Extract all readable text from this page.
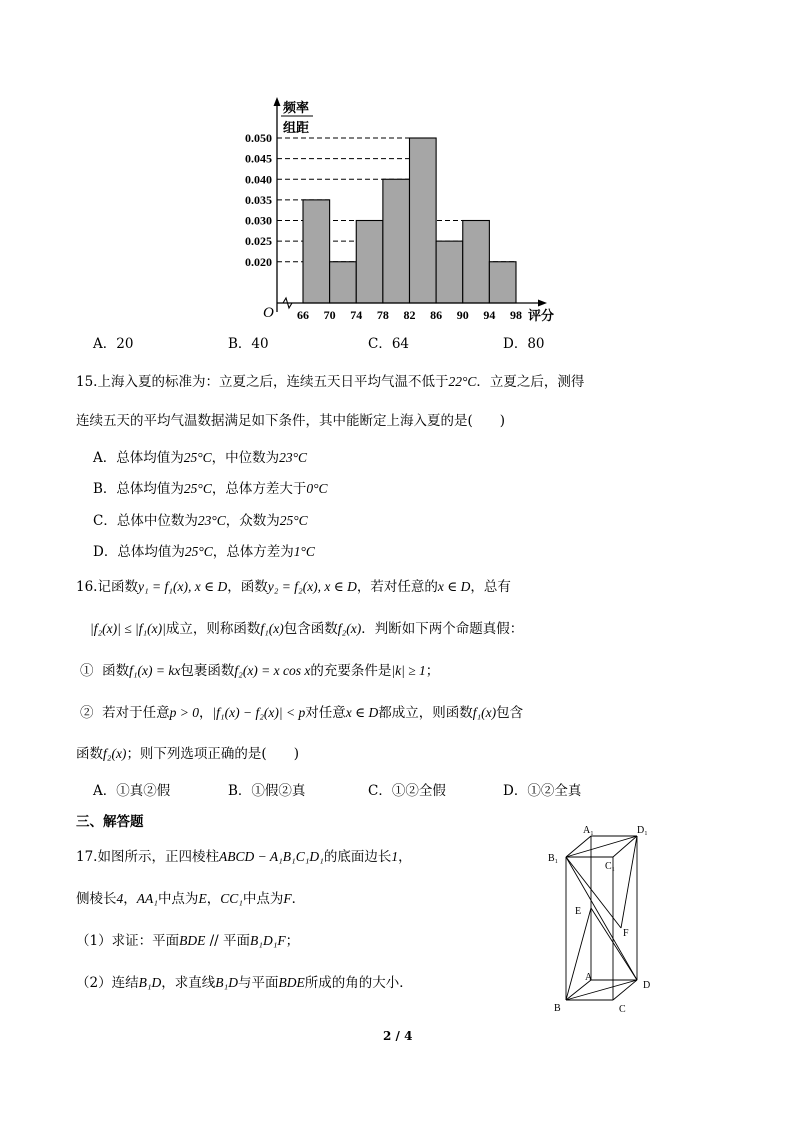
0.050
0.045
0.040
0.035
0.030
0.025
0.020
66 70 74 78 82 86 90 94 98
频率
组距
O	评分
A．20	B．40	C．64	D．80
15.上海入夏的标准为：立夏之后，连续五天日平均气温不低于22°C．立夏之后，测得
连续五天的平均气温数据满足如下条件，其中能断定上海入夏的是(　　)
A．总体均值为25°C，中位数为23°C
B．总体均值为25°C，总体方差大于0°C
C．总体中位数为23°C，众数为25°C
D．总体均值为25°C，总体方差为1°C
16.记函数y₁ = f₁(x), x ∈ D，函数y₂ = f₂(x), x ∈ D，若对任意的x ∈ D，总有
|f₂(x)| ≤ |f₁(x)|成立，则称函数f₁(x)包含函数f₂(x)．判断如下两个命题真假：
① 函数f₁(x) = kx包裹函数f₂(x) = x cos x的充要条件是|k| ≥ 1；
② 若对于任意p > 0，|f₁(x) − f₂(x)| < p对任意x ∈ D都成立，则函数f₁(x)包含
函数f₂(x)；则下列选项正确的是(　　)
A．①真②假	B．①假②真	C．①②全假	D．①②全真
三、解答题
17.如图所示，正四棱柱ABCD − A₁B₁C₁D₁的底面边长1，
侧棱长4，AA₁中点为E，CC₁中点为F．
（1）求证：平面BDE // 平面B₁D₁F；
（2）连结B₁D，求直线B₁D与平面BDE所成的角的大小．
A₁	D₁
B₁
C₁
E
F
A
D
B	C
2 / 4
